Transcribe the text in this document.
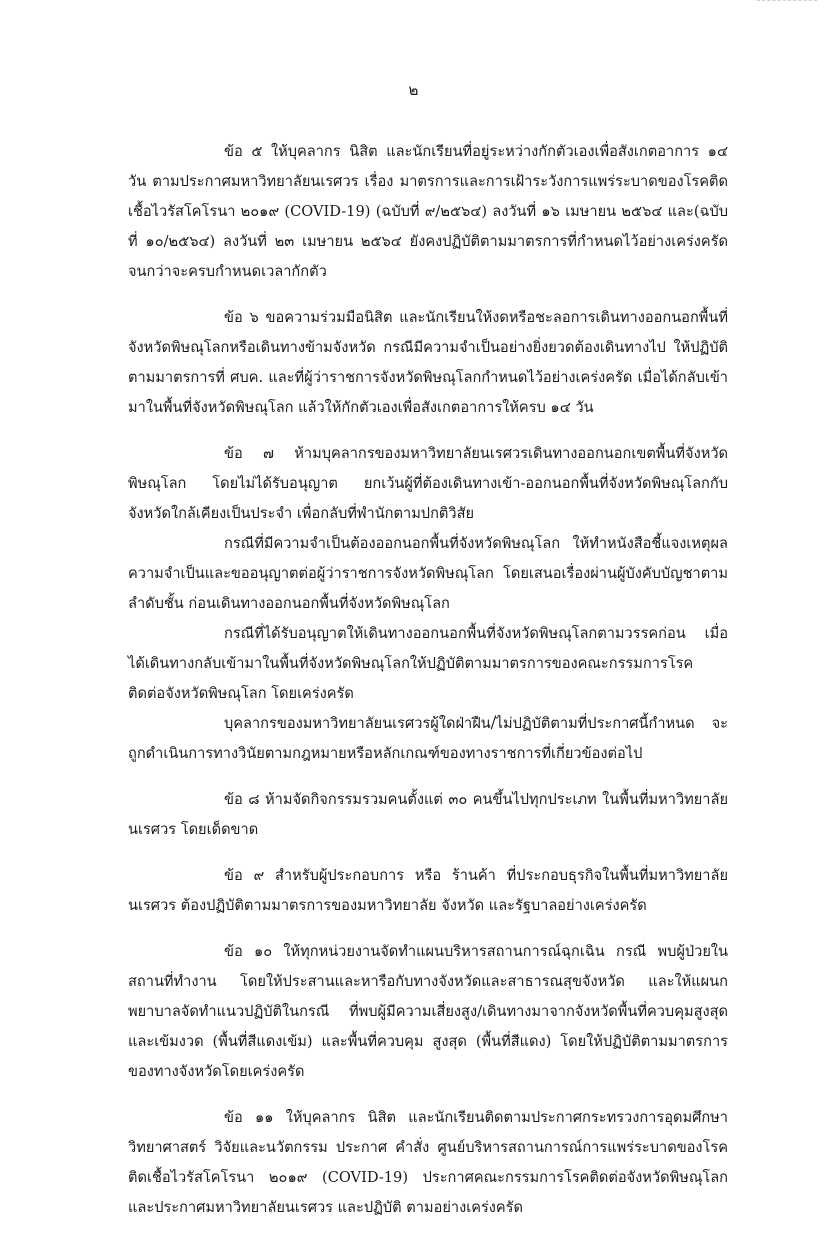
๒

ข้อ ๕ ให้บุคลากร นิสิต และนักเรียนที่อยู่ระหว่างกักตัวเองเพื่อสังเกตอาการ ๑๔ วัน ตามประกาศมหาวิทยาลัยนเรศวร เรื่อง มาตรการและการเฝ้าระวังการแพร่ระบาดของโรคติดเชื้อไวรัสโคโรนา ๒๐๑๙ (COVID-19) (ฉบับที่ ๙/๒๕๖๔) ลงวันที่ ๑๖ เมษายน ๒๕๖๔ และ(ฉบับที่ ๑๐/๒๕๖๔) ลงวันที่ ๒๓ เมษายน ๒๕๖๔ ยังคงปฏิบัติตามมาตรการที่กำหนดไว้อย่างเคร่งครัด จนกว่าจะครบกำหนดเวลากักตัว

ข้อ ๖ ขอความร่วมมือนิสิต และนักเรียนให้งดหรือชะลอการเดินทางออกนอกพื้นที่จังหวัดพิษณุโลกหรือเดินทางข้ามจังหวัด กรณีมีความจำเป็นอย่างยิ่งยวดต้องเดินทางไป ให้ปฏิบัติตามมาตรการที่ ศบค. และที่ผู้ว่าราชการจังหวัดพิษณุโลกกำหนดไว้อย่างเคร่งครัด เมื่อได้กลับเข้ามาในพื้นที่จังหวัดพิษณุโลก แล้วให้กักตัวเองเพื่อสังเกตอาการให้ครบ ๑๔ วัน

ข้อ ๗ ห้ามบุคลากรของมหาวิทยาลัยนเรศวรเดินทางออกนอกเขตพื้นที่จังหวัดพิษณุโลก โดยไม่ได้รับอนุญาต ยกเว้นผู้ที่ต้องเดินทางเข้า-ออกนอกพื้นที่จังหวัดพิษณุโลกกับจังหวัดใกล้เคียงเป็นประจำ เพื่อกลับที่พำนักตามปกติวิสัย

กรณีที่มีความจำเป็นต้องออกนอกพื้นที่จังหวัดพิษณุโลก ให้ทำหนังสือชี้แจงเหตุผลความจำเป็นและขออนุญาตต่อผู้ว่าราชการจังหวัดพิษณุโลก โดยเสนอเรื่องผ่านผู้บังคับบัญชาตามลำดับชั้น ก่อนเดินทางออกนอกพื้นที่จังหวัดพิษณุโลก

กรณีที่ได้รับอนุญาตให้เดินทางออกนอกพื้นที่จังหวัดพิษณุโลกตามวรรคก่อน เมื่อได้เดินทางกลับเข้ามาในพื้นที่จังหวัดพิษณุโลกให้ปฏิบัติตามมาตรการของคณะกรรมการโรคติดต่อจังหวัดพิษณุโลก โดยเคร่งครัด

บุคลากรของมหาวิทยาลัยนเรศวรผู้ใดฝ่าฝืน/ไม่ปฏิบัติตามที่ประกาศนี้กำหนด จะถูกดำเนินการทางวินัยตามกฎหมายหรือหลักเกณฑ์ของทางราชการที่เกี่ยวข้องต่อไป

ข้อ ๘ ห้ามจัดกิจกรรมรวมคนตั้งแต่ ๓๐ คนขึ้นไปทุกประเภท ในพื้นที่มหาวิทยาลัยนเรศวร โดยเด็ดขาด

ข้อ ๙ สำหรับผู้ประกอบการ หรือ ร้านค้า ที่ประกอบธุรกิจในพื้นที่มหาวิทยาลัยนเรศวร ต้องปฏิบัติตามมาตรการของมหาวิทยาลัย จังหวัด และรัฐบาลอย่างเคร่งครัด

ข้อ ๑๐ ให้ทุกหน่วยงานจัดทำแผนบริหารสถานการณ์ฉุกเฉิน กรณี พบผู้ป่วยในสถานที่ทำงาน โดยให้ประสานและหารือกับทางจังหวัดและสาธารณสุขจังหวัด และให้แผนกพยาบาลจัดทำแนวปฏิบัติในกรณี ที่พบผู้มีความเสี่ยงสูง/เดินทางมาจากจังหวัดพื้นที่ควบคุมสูงสุดและเข้มงวด (พื้นที่สีแดงเข้ม) และพื้นที่ควบคุม สูงสุด (พื้นที่สีแดง) โดยให้ปฏิบัติตามมาตรการของทางจังหวัดโดยเคร่งครัด

ข้อ ๑๑ ให้บุคลากร นิสิต และนักเรียนติดตามประกาศกระทรวงการอุดมศึกษา วิทยาศาสตร์ วิจัยและนวัตกรรม ประกาศ คำสั่ง ศูนย์บริหารสถานการณ์การแพร่ระบาดของโรคติดเชื้อไวรัสโคโรนา ๒๐๑๙ (COVID-19) ประกาศคณะกรรมการโรคติดต่อจังหวัดพิษณุโลก และประกาศมหาวิทยาลัยนเรศวร และปฏิบัติ ตามอย่างเคร่งครัด
